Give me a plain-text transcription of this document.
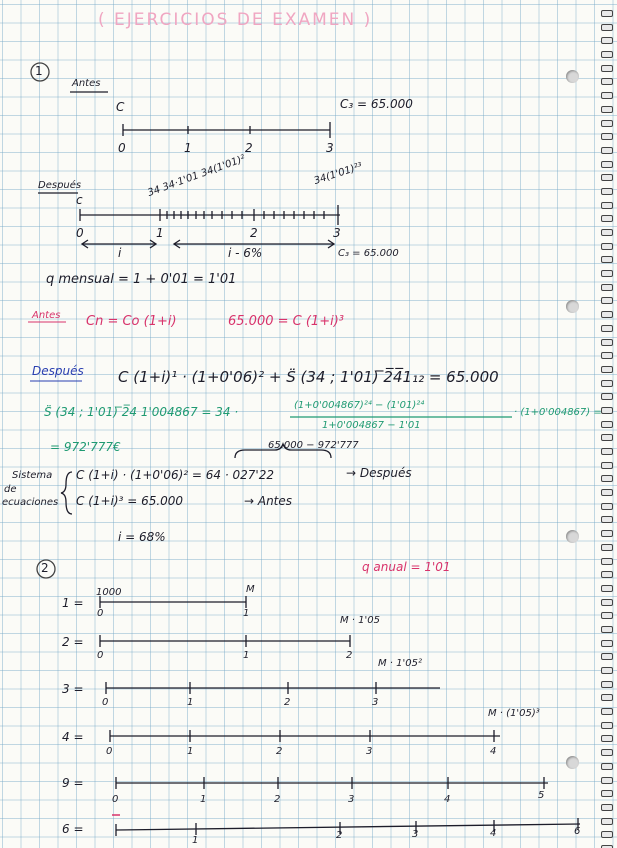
( EJERCICIOS DE EXAMEN )
1
Antes
C	C₃ = 65.000
0	1	2	3
Después
c
34 34·1'01 34(1'01)²	34(1'01)²³
0	1	2	3
i	i - 6%	C₃ = 65.000
q mensual = 1 + 0'01 = 1'01
Antes Cn = Co (1+i)	65.000 = C (1+i)³
Después C (1+i)¹ · (1+0'06)² + S̈ (34 ; 1'01) ̅2̅4̅̅1₁₂ = 65.000
S̈ (34 ; 1'01) ̅2̅4 1'004867 = 34 ·	(1+0'004867)²⁴ − (1'01)²⁴
1+0'004867 − 1'01
· (1+0'004867) =
= 972'777€
Sistema
de
ecuaciones
65.000 − 972'777
C (1+i) · (1+0'06)² = 64 · 027'22	→ Después
C (1+i)³ = 65.000	→ Antes
i = 68%
2	q anual = 1'01
1 =
1000	M
0	1
2 =
M · 1'05
0	1	2
3 =
M · 1'05²
0	1	2	3
4 =
M · (1'05)³
0	1	2	3	4
9 =
0	1	2	3	4	5
6 =
1	2	3	4	6
